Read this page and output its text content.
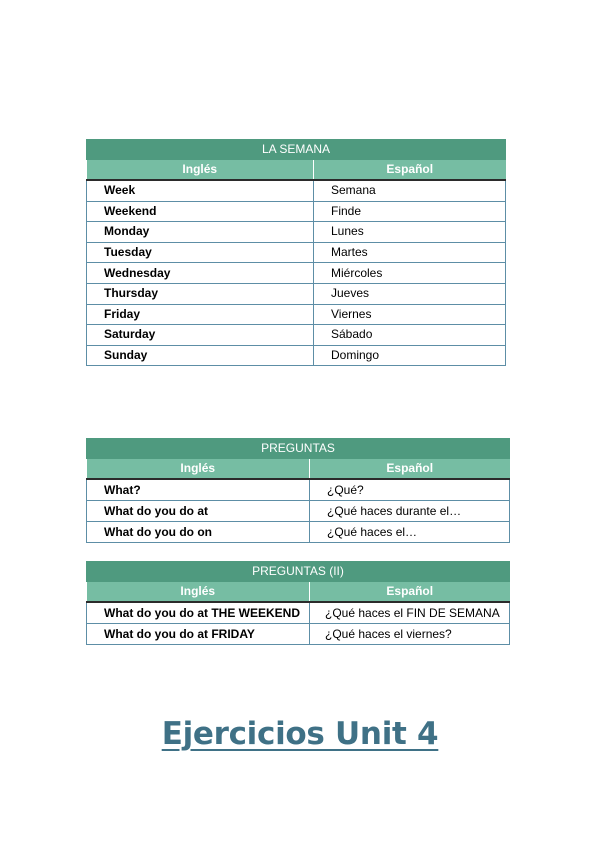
LA SEMANA	
Inglés	Español
Week	Semana
Weekend	Finde
Monday	Lunes
Tuesday	Martes
Wednesday	Miércoles
Thursday	Jueves
Friday	Viernes
Saturday	Sábado
Sunday	Domingo
PREGUNTAS	
Inglés	Español
What?	¿Qué?
What do you do at	¿Qué haces durante el…
What do you do on	¿Qué haces el…
PREGUNTAS (II)	
Inglés	Español
What do you do at THE WEEKEND	¿Qué haces el FIN DE SEMANA
What do you do at FRIDAY	¿Qué haces el viernes?
Ejercicios Unit 4
